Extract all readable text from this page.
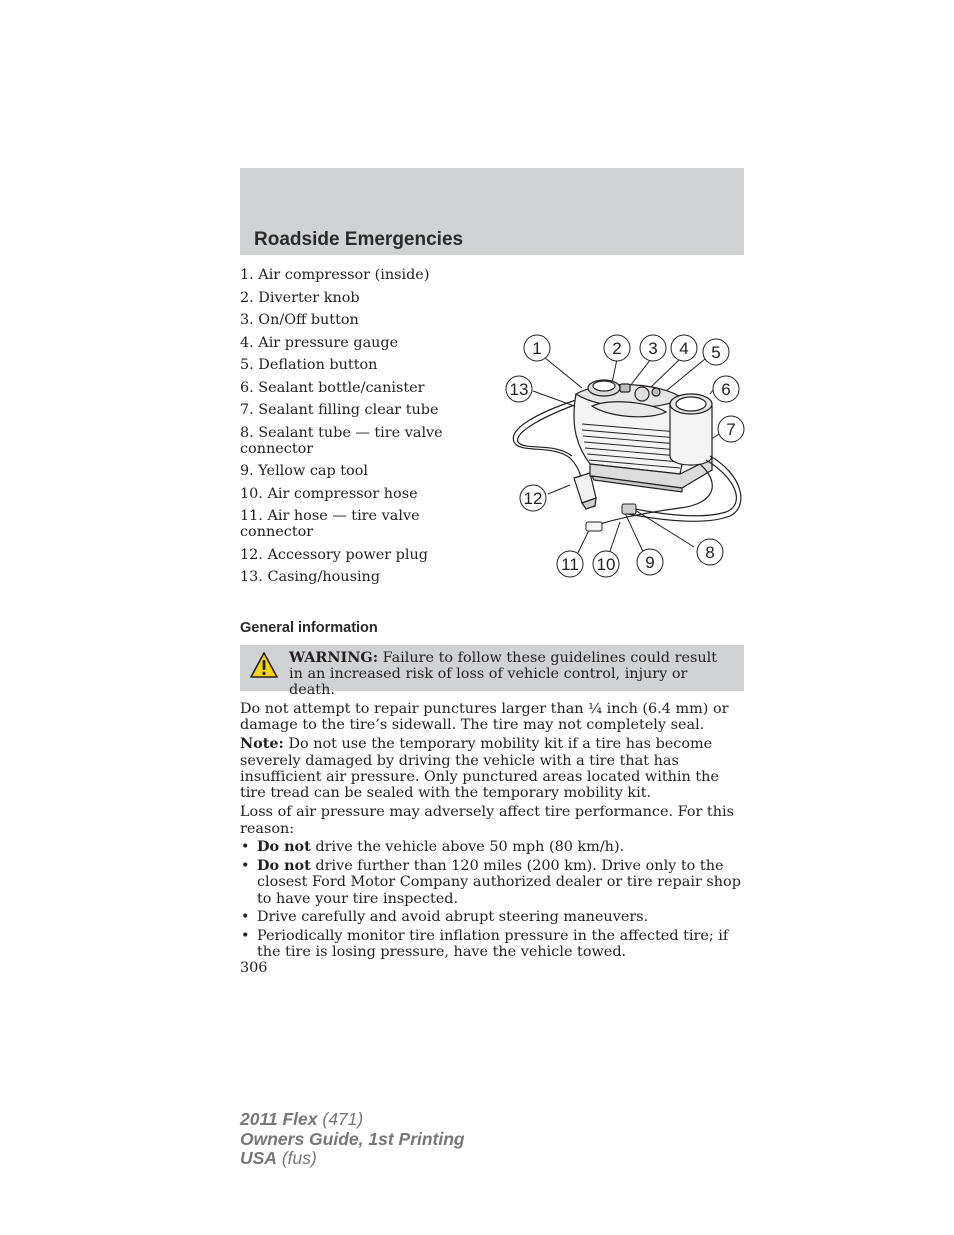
Roadside Emergencies
1. Air compressor (inside)
2. Diverter knob
3. On/Off button
4. Air pressure gauge
5. Deflation button
6. Sealant bottle/canister
7. Sealant filling clear tube
8. Sealant tube — tire valve connector
9. Yellow cap tool
10. Air compressor hose
11. Air hose — tire valve connector
12. Accessory power plug
13. Casing/housing
1	2 3 4 5
13	6
7
12
8
11 10 9
General information
WARNING: Failure to follow these guidelines could result in an increased risk of loss of vehicle control, injury or death.

Do not attempt to repair punctures larger than ¼ inch (6.4 mm) or damage to the tire’s sidewall. The tire may not completely seal.

Note: Do not use the temporary mobility kit if a tire has become severely damaged by driving the vehicle with a tire that has insufficient air pressure. Only punctured areas located within the tire tread can be sealed with the temporary mobility kit.

Loss of air pressure may adversely affect tire performance. For this reason:

• Do not drive the vehicle above 50 mph (80 km/h).
• Do not drive further than 120 miles (200 km). Drive only to the closest Ford Motor Company authorized dealer or tire repair shop to have your tire inspected.
• Drive carefully and avoid abrupt steering maneuvers.
• Periodically monitor tire inflation pressure in the affected tire; if the tire is losing pressure, have the vehicle towed.
306
2011 Flex (471)
Owners Guide, 1st Printing
USA (fus)
